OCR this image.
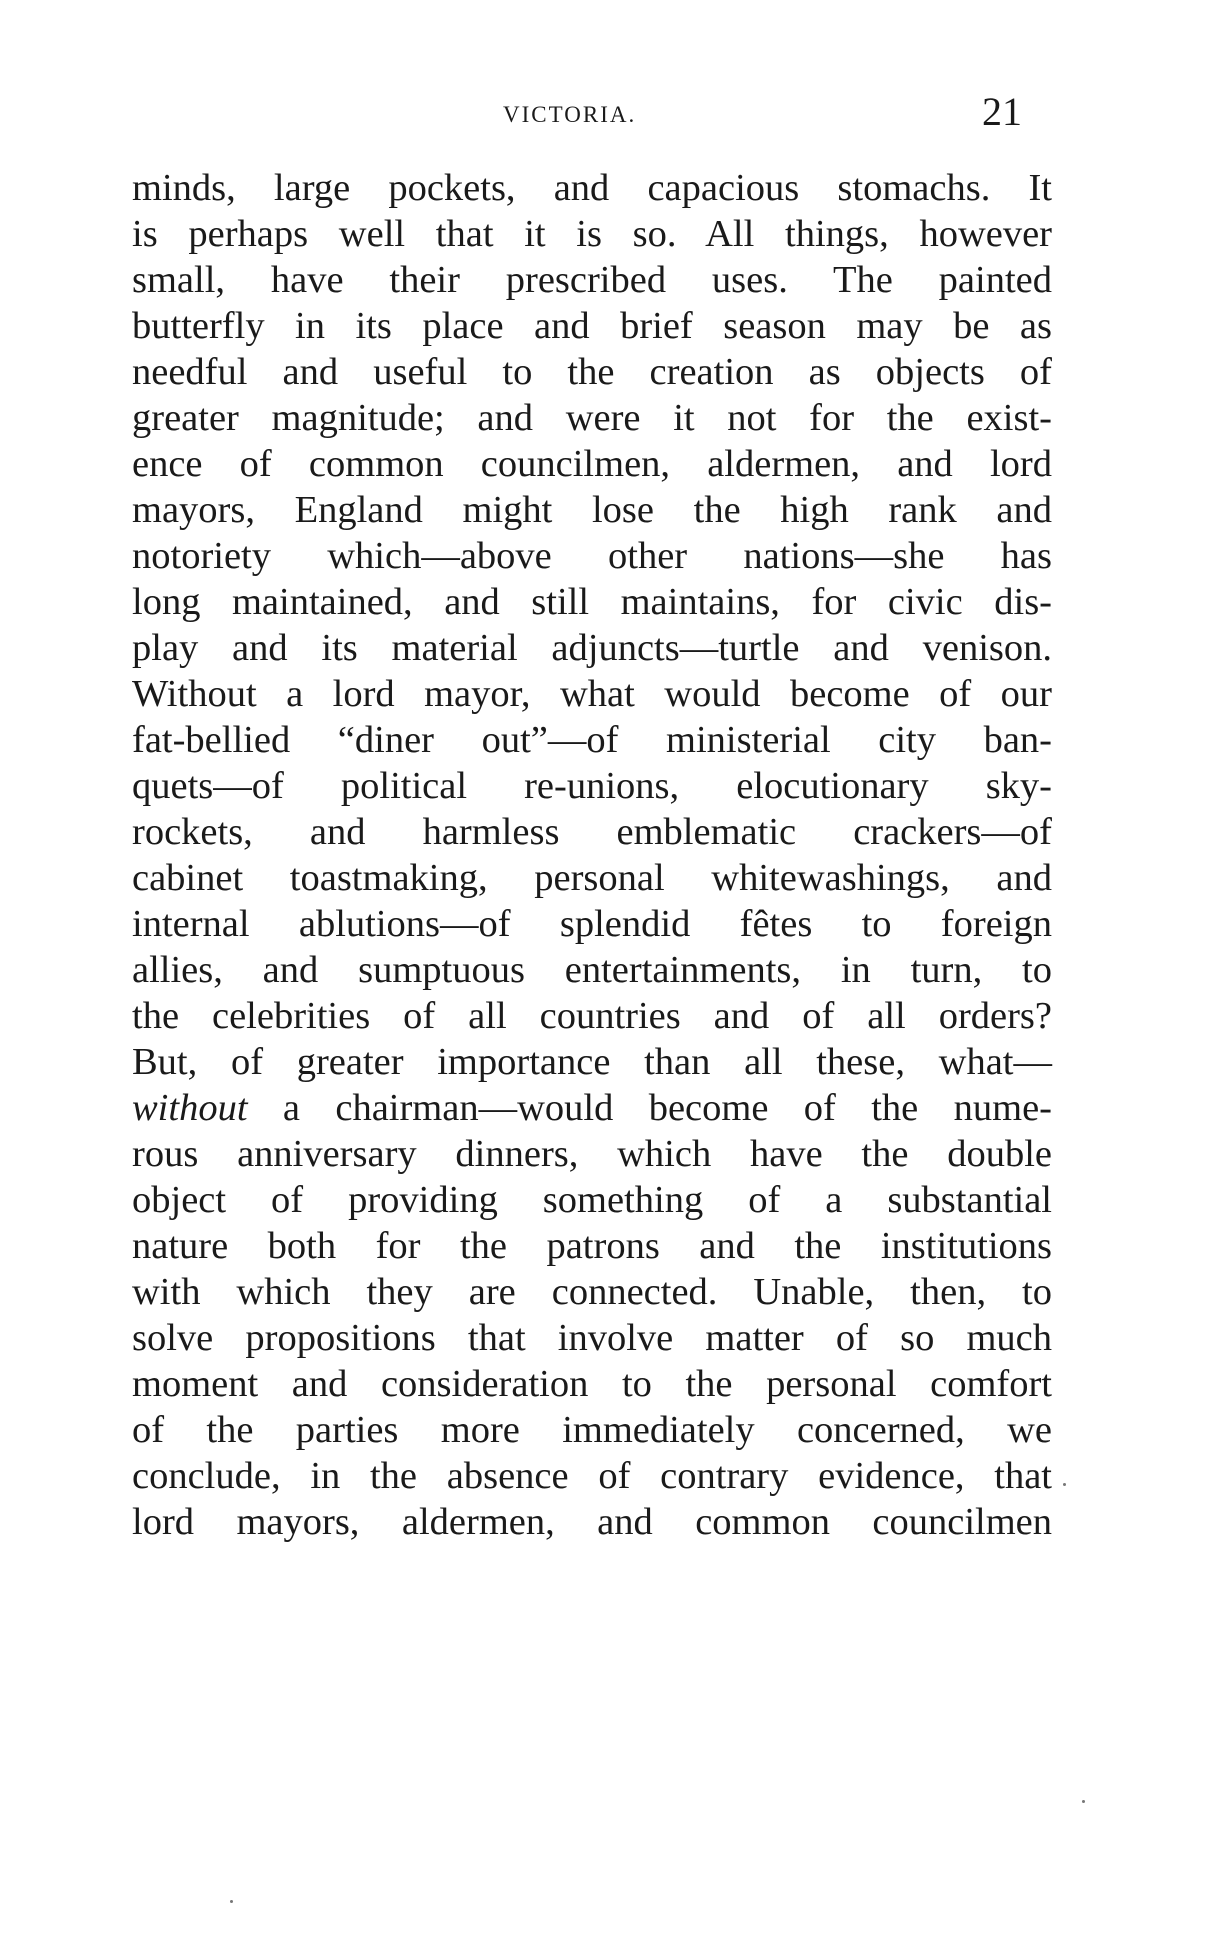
VICTORIA.	21
minds, large pockets, and capacious stomachs. It
is perhaps well that it is so. All things, however
small, have their prescribed uses. The painted
butterfly in its place and brief season may be as
needful and useful to the creation as objects of
greater magnitude; and were it not for the exist-
ence of common councilmen, aldermen, and lord
mayors, England might lose the high rank and
notoriety which—above other nations—she has
long maintained, and still maintains, for civic dis-
play and its material adjuncts—turtle and venison.
Without a lord mayor, what would become of our
fat-bellied “diner out”—of ministerial city ban-
quets—of political re-unions, elocutionary sky-
rockets, and harmless emblematic crackers—of
cabinet toastmaking, personal whitewashings, and
internal ablutions—of splendid fêtes to foreign
allies, and sumptuous entertainments, in turn, to
the celebrities of all countries and of all orders?
But, of greater importance than all these, what—
without a chairman—would become of the nume-
rous anniversary dinners, which have the double
object of providing something of a substantial
nature both for the patrons and the institutions
with which they are connected. Unable, then, to
solve propositions that involve matter of so much
moment and consideration to the personal comfort
of the parties more immediately concerned, we
conclude, in the absence of contrary evidence, that
lord mayors, aldermen, and common councilmen
